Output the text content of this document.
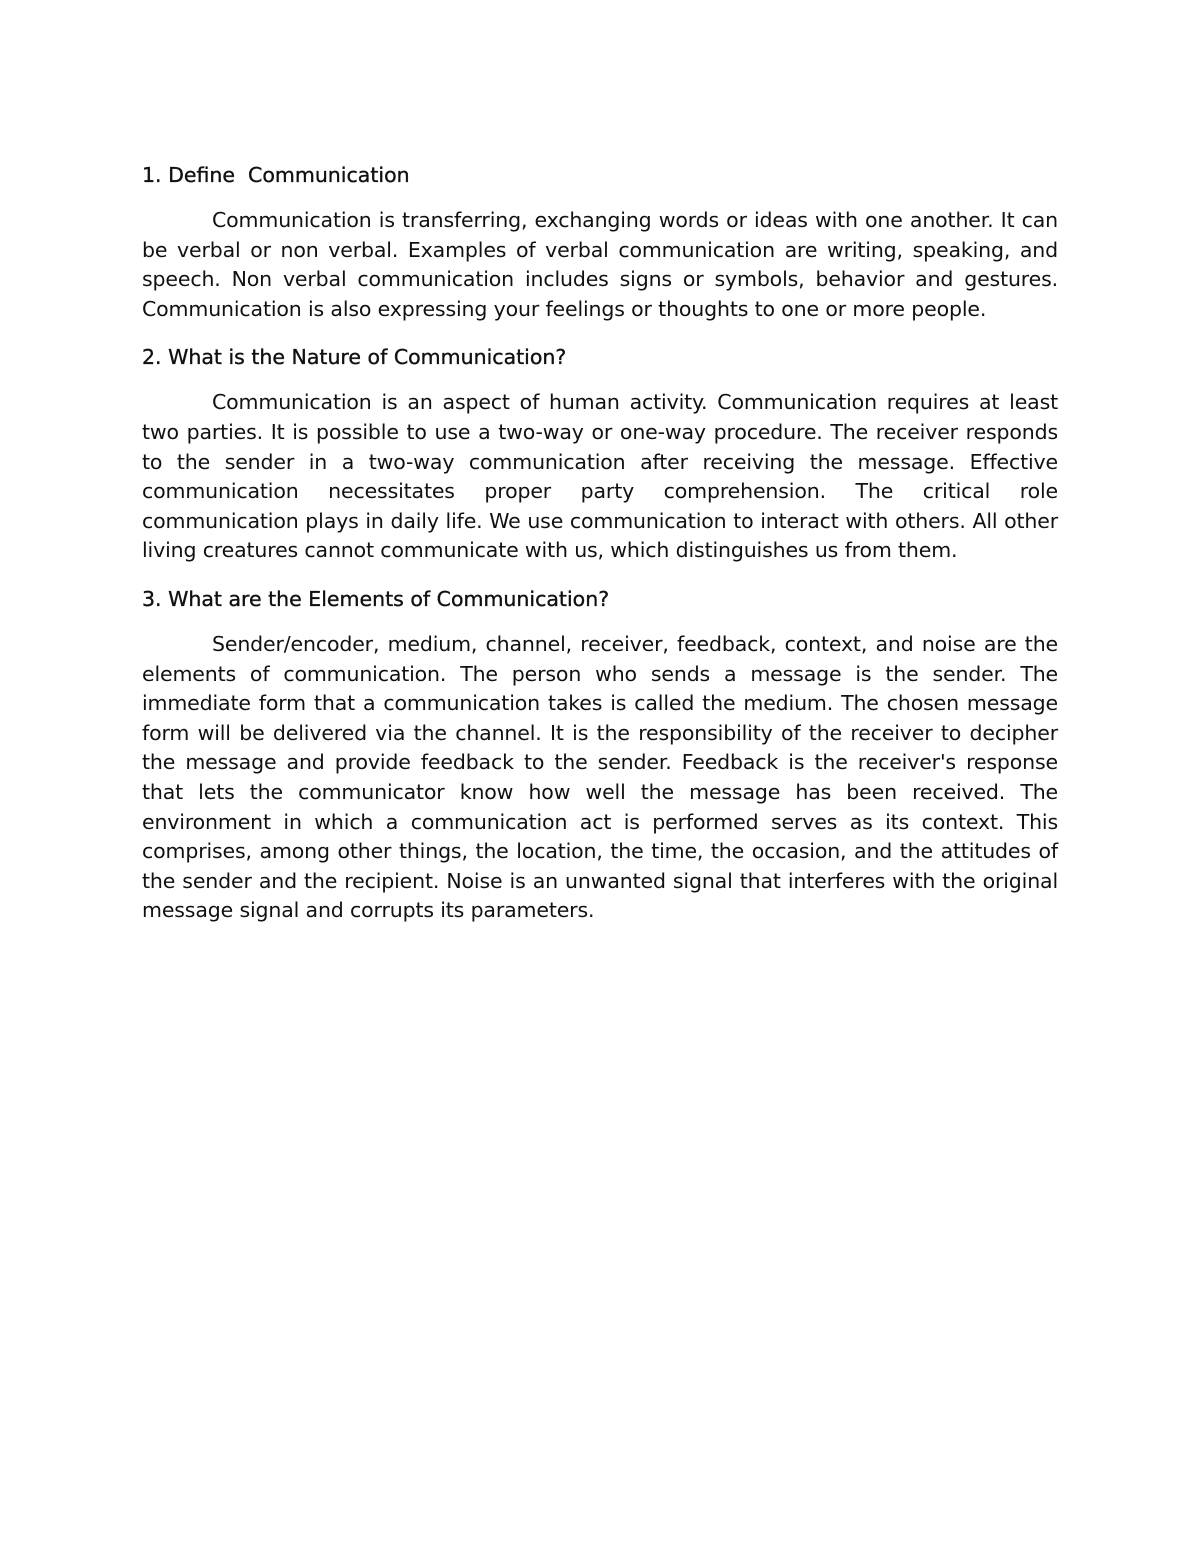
1. Define  Communication

Communication is transferring, exchanging words or ideas with one another. It can be verbal or non verbal. Examples of verbal communication are writing, speaking, and speech. Non verbal communication includes signs or symbols, behavior and gestures. Communication is also expressing your feelings or thoughts to one or more people.

2. What is the Nature of Communication?

Communication is an aspect of human activity. Communication requires at least two parties. It is possible to use a two-way or one-way procedure. The receiver responds to the sender in a two-way communication after receiving the message. Effective communication necessitates proper party comprehension. The critical role communication plays in daily life. We use communication to interact with others. All other living creatures cannot communicate with us, which distinguishes us from them.

3. What are the Elements of Communication?

Sender/encoder, medium, channel, receiver, feedback, context, and noise are the elements of communication. The person who sends a message is the sender. The immediate form that a communication takes is called the medium. The chosen message form will be delivered via the channel. It is the responsibility of the receiver to decipher the message and provide feedback to the sender. Feedback is the receiver's response that lets the communicator know how well the message has been received. The environment in which a communication act is performed serves as its context. This comprises, among other things, the location, the time, the occasion, and the attitudes of the sender and the recipient. Noise is an unwanted signal that interferes with the original message signal and corrupts its parameters.
